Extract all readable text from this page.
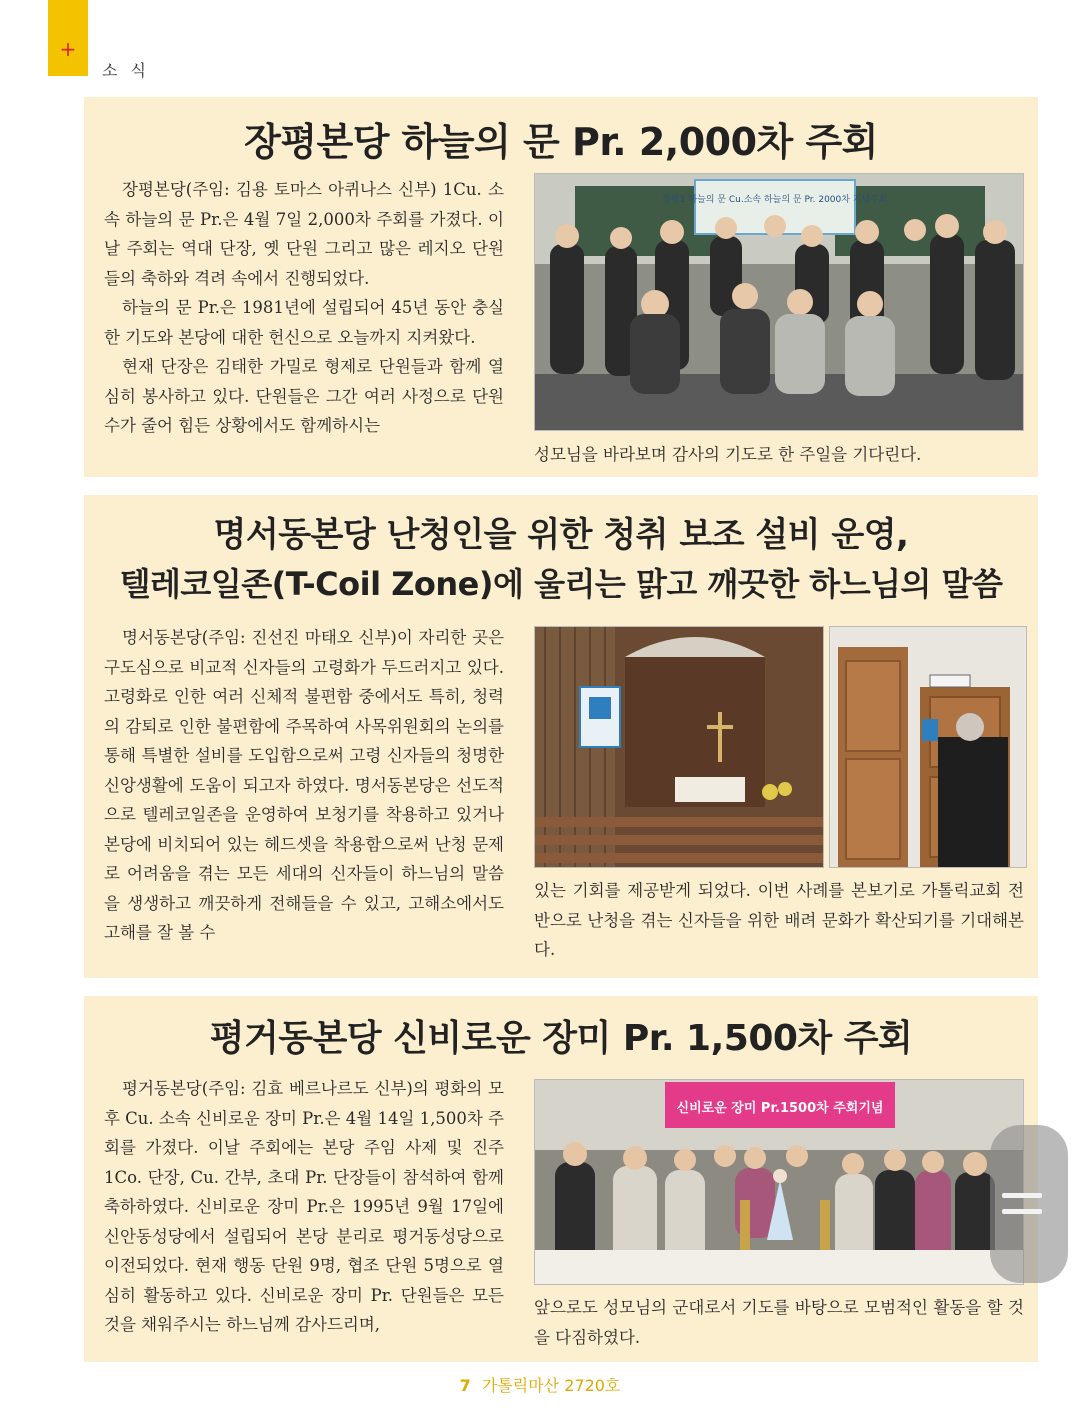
+
소 식
장평본당 하늘의 문 Pr. 2,000차 주회

장평본당(주임: 김용 토마스 아퀴나스 신부) 1Cu. 소속 하늘의 문 Pr.은 4월 7일 2,000차 주회를 가졌다. 이날 주회는 역대 단장, 옛 단원 그리고 많은 레지오 단원들의 축하와 격려 속에서 진행되었다.

하늘의 문 Pr.은 1981년에 설립되어 45년 동안 충실한 기도와 본당에 대한 헌신으로 오늘까지 지켜왔다.

현재 단장은 김태한 가밀로 형제로 단원들과 함께 열심히 봉사하고 있다. 단원들은 그간 여러 사정으로 단원 수가 줄어 힘든 상황에서도 함께하시는

장평1 하늘의 문 Cu.소속 하늘의 문 Pr. 2000차 기념주회
성모님을 바라보며 감사의 기도로 한 주일을 기다린다.
명서동본당 난청인을 위한 청취 보조 설비 운영,
텔레코일존(T-Coil Zone)에 울리는 맑고 깨끗한 하느님의 말씀

명서동본당(주임: 진선진 마태오 신부)이 자리한 곳은 구도심으로 비교적 신자들의 고령화가 두드러지고 있다. 고령화로 인한 여러 신체적 불편함 중에서도 특히, 청력의 감퇴로 인한 불편함에 주목하여 사목위원회의 논의를 통해 특별한 설비를 도입함으로써 고령 신자들의 청명한 신앙생활에 도움이 되고자 하였다. 명서동본당은 선도적으로 텔레코일존을 운영하여 보청기를 착용하고 있거나 본당에 비치되어 있는 헤드셋을 착용함으로써 난청 문제로 어려움을 겪는 모든 세대의 신자들이 하느님의 말씀을 생생하고 깨끗하게 전해들을 수 있고, 고해소에서도 고해를 잘 볼 수

있는 기회를 제공받게 되었다. 이번 사례를 본보기로 가톨릭교회 전반으로 난청을 겪는 신자들을 위한 배려 문화가 확산되기를 기대해본다.
평거동본당 신비로운 장미 Pr. 1,500차 주회

평거동본당(주임: 김효 베르나르도 신부)의 평화의 모후 Cu. 소속 신비로운 장미 Pr.은 4월 14일 1,500차 주회를 가졌다. 이날 주회에는 본당 주임 사제 및 진주 1Co. 단장, Cu. 간부, 초대 Pr. 단장들이 참석하여 함께 축하하였다. 신비로운 장미 Pr.은 1995년 9월 17일에 신안동성당에서 설립되어 본당 분리로 평거동성당으로 이전되었다. 현재 행동 단원 9명, 협조 단원 5명으로 열심히 활동하고 있다. 신비로운 장미 Pr. 단원들은 모든 것을 채워주시는 하느님께 감사드리며,

신비로운 장미 Pr.1500차 주회기념
앞으로도 성모님의 군대로서 기도를 바탕으로 모범적인 활동을 할 것을 다짐하였다.
7 가톨릭마산 2720호
